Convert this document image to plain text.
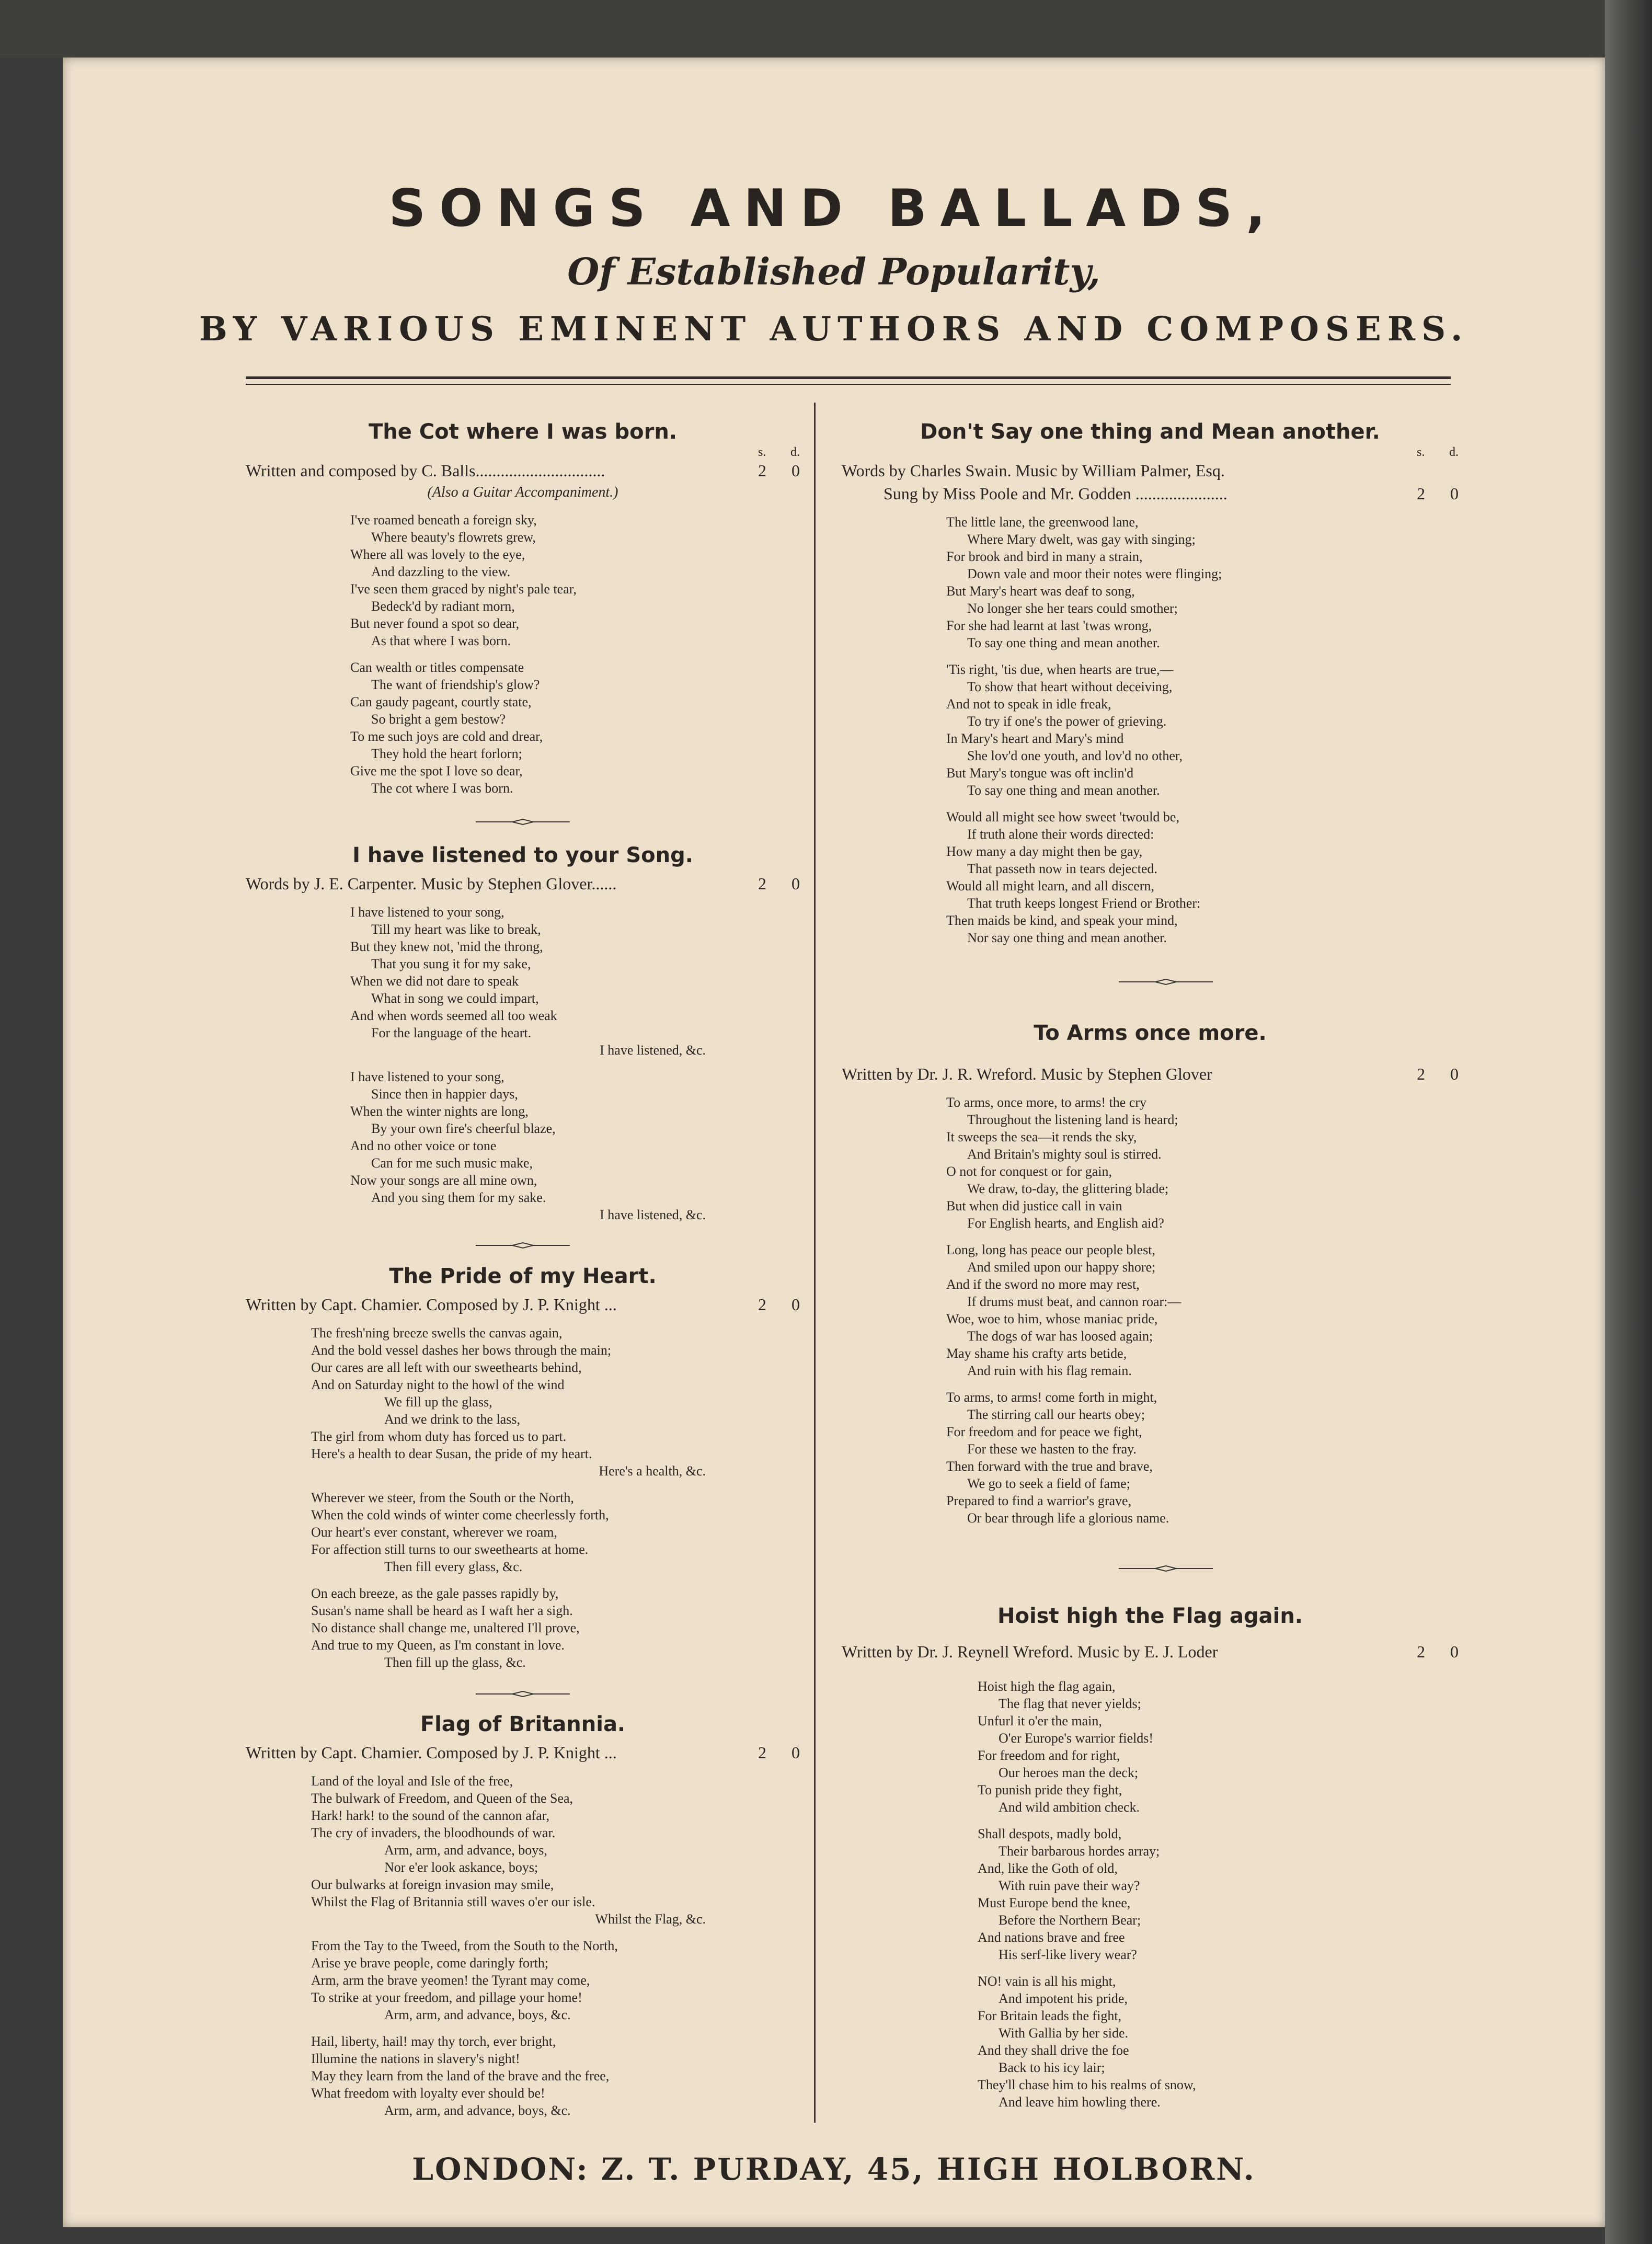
SONGS AND BALLADS,
Of Established Popularity,
BY VARIOUS EMINENT AUTHORS AND COMPOSERS.
The Cot where I was born.
s. d.
Written and composed by C. Balls...............................	2 0
(Also a Guitar Accompaniment.)
I've roamed beneath a foreign sky,
Where beauty's flowrets grew,
Where all was lovely to the eye,
And dazzling to the view.
I've seen them graced by night's pale tear,
Bedeck'd by radiant morn,
But never found a spot so dear,
As that where I was born.
Can wealth or titles compensate
The want of friendship's glow?
Can gaudy pageant, courtly state,
So bright a gem bestow?
To me such joys are cold and drear,
They hold the heart forlorn;
Give me the spot I love so dear,
The cot where I was born.
I have listened to your Song.
Words by J. E. Carpenter. Music by Stephen Glover......	2 0
I have listened to your song,
Till my heart was like to break,
But they knew not, 'mid the throng,
That you sung it for my sake,
When we did not dare to speak
What in song we could impart,
And when words seemed all too weak
For the language of the heart.
I have listened, &c.
I have listened to your song,
Since then in happier days,
When the winter nights are long,
By your own fire's cheerful blaze,
And no other voice or tone
Can for me such music make,
Now your songs are all mine own,
And you sing them for my sake.
I have listened, &c.
The Pride of my Heart.
Written by Capt. Chamier. Composed by J. P. Knight ...	2 0
The fresh'ning breeze swells the canvas again,
And the bold vessel dashes her bows through the main;
Our cares are all left with our sweethearts behind,
And on Saturday night to the howl of the wind
We fill up the glass,
And we drink to the lass,
The girl from whom duty has forced us to part.
Here's a health to dear Susan, the pride of my heart.
Here's a health, &c.
Wherever we steer, from the South or the North,
When the cold winds of winter come cheerlessly forth,
Our heart's ever constant, wherever we roam,
For affection still turns to our sweethearts at home.
Then fill every glass, &c.
On each breeze, as the gale passes rapidly by,
Susan's name shall be heard as I waft her a sigh.
No distance shall change me, unaltered I'll prove,
And true to my Queen, as I'm constant in love.
Then fill up the glass, &c.
Flag of Britannia.
Written by Capt. Chamier. Composed by J. P. Knight ...	2 0
Land of the loyal and Isle of the free,
The bulwark of Freedom, and Queen of the Sea,
Hark! hark! to the sound of the cannon afar,
The cry of invaders, the bloodhounds of war.
Arm, arm, and advance, boys,
Nor e'er look askance, boys;
Our bulwarks at foreign invasion may smile,
Whilst the Flag of Britannia still waves o'er our isle.
Whilst the Flag, &c.
From the Tay to the Tweed, from the South to the North,
Arise ye brave people, come daringly forth;
Arm, arm the brave yeomen! the Tyrant may come,
To strike at your freedom, and pillage your home!
Arm, arm, and advance, boys, &c.
Hail, liberty, hail! may thy torch, ever bright,
Illumine the nations in slavery's night!
May they learn from the land of the brave and the free,
What freedom with loyalty ever should be!
Arm, arm, and advance, boys, &c.
Don't Say one thing and Mean another.
s. d.
Words by Charles Swain. Music by William Palmer, Esq.
Sung by Miss Poole and Mr. Godden ......................	2 0
The little lane, the greenwood lane,
Where Mary dwelt, was gay with singing;
For brook and bird in many a strain,
Down vale and moor their notes were flinging;
But Mary's heart was deaf to song,
No longer she her tears could smother;
For she had learnt at last 'twas wrong,
To say one thing and mean another.
'Tis right, 'tis due, when hearts are true,—
To show that heart without deceiving,
And not to speak in idle freak,
To try if one's the power of grieving.
In Mary's heart and Mary's mind
She lov'd one youth, and lov'd no other,
But Mary's tongue was oft inclin'd
To say one thing and mean another.
Would all might see how sweet 'twould be,
If truth alone their words directed:
How many a day might then be gay,
That passeth now in tears dejected.
Would all might learn, and all discern,
That truth keeps longest Friend or Brother:
Then maids be kind, and speak your mind,
Nor say one thing and mean another.
To Arms once more.
Written by Dr. J. R. Wreford. Music by Stephen Glover	2 0
To arms, once more, to arms! the cry
Throughout the listening land is heard;
It sweeps the sea—it rends the sky,
And Britain's mighty soul is stirred.
O not for conquest or for gain,
We draw, to-day, the glittering blade;
But when did justice call in vain
For English hearts, and English aid?
Long, long has peace our people blest,
And smiled upon our happy shore;
And if the sword no more may rest,
If drums must beat, and cannon roar:—
Woe, woe to him, whose maniac pride,
The dogs of war has loosed again;
May shame his crafty arts betide,
And ruin with his flag remain.
To arms, to arms! come forth in might,
The stirring call our hearts obey;
For freedom and for peace we fight,
For these we hasten to the fray.
Then forward with the true and brave,
We go to seek a field of fame;
Prepared to find a warrior's grave,
Or bear through life a glorious name.
Hoist high the Flag again.
Written by Dr. J. Reynell Wreford. Music by E. J. Loder	2 0
Hoist high the flag again,
The flag that never yields;
Unfurl it o'er the main,
O'er Europe's warrior fields!
For freedom and for right,
Our heroes man the deck;
To punish pride they fight,
And wild ambition check.
Shall despots, madly bold,
Their barbarous hordes array;
And, like the Goth of old,
With ruin pave their way?
Must Europe bend the knee,
Before the Northern Bear;
And nations brave and free
His serf-like livery wear?
NO! vain is all his might,
And impotent his pride,
For Britain leads the fight,
With Gallia by her side.
And they shall drive the foe
Back to his icy lair;
They'll chase him to his realms of snow,
And leave him howling there.
LONDON: Z. T. PURDAY, 45, HIGH HOLBORN.
